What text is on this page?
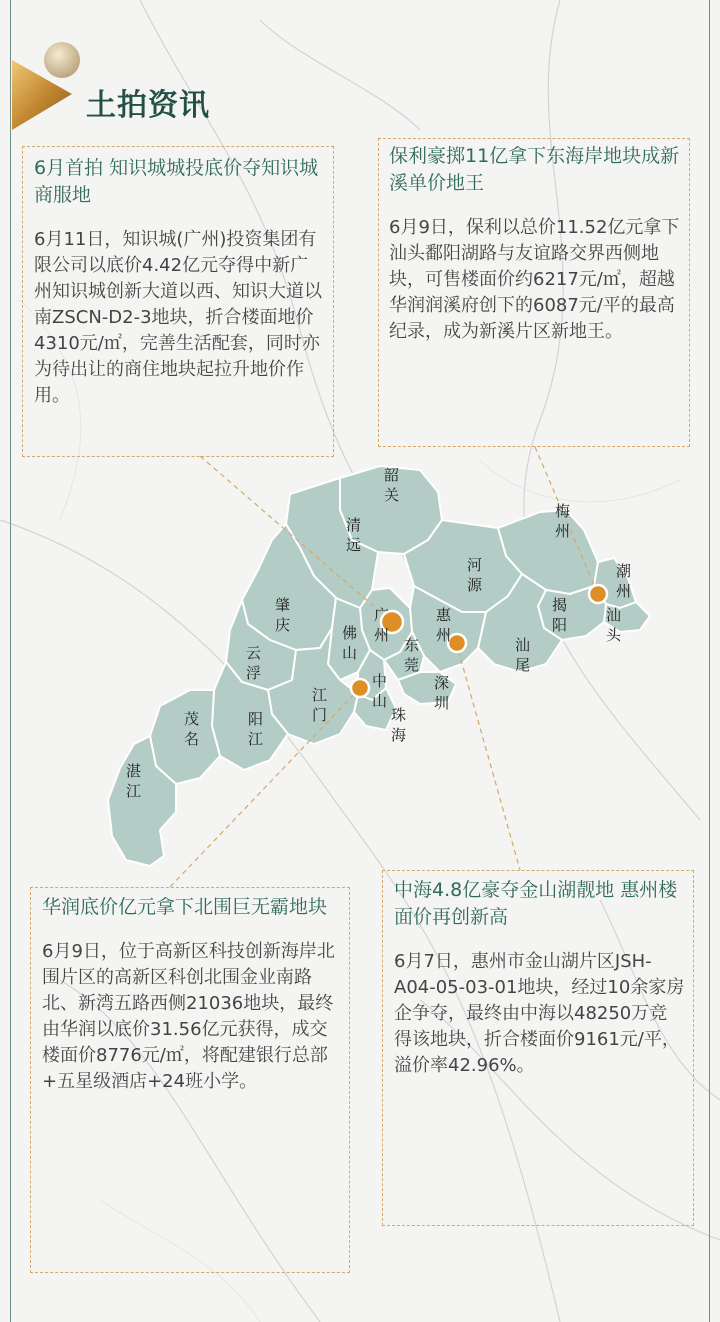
土拍资讯
韶
关
清
远
梅
州
河
源
潮
州
汕
头
揭
阳
肇
庆
广
州
惠
州
云
浮
佛
山	东
莞
汕
尾
中
山
深
圳
茂
名
阳
江
江
门	珠
海
湛
江
6月首拍 知识城城投底价夺知识城商服地
6月11日，知识城(广州)投资集团有限公司以底价4.42亿元夺得中新广州知识城创新大道以西、知识大道以南ZSCN-D2-3地块，折合楼面地价4310元/㎡，完善生活配套，同时亦为待出让的商住地块起拉升地价作用。
保利豪掷11亿拿下东海岸地块成新溪单价地王
6月9日，保利以总价11.52亿元拿下汕头鄱阳湖路与友谊路交界西侧地块，可售楼面价约6217元/㎡，超越华润润溪府创下的6087元/平的最高纪录，成为新溪片区新地王。
华润底价亿元拿下北围巨无霸地块
6月9日，位于高新区科技创新海岸北围片区的高新区科创北围金业南路北、新湾五路西侧21036地块，最终由华润以底价31.56亿元获得，成交楼面价8776元/㎡，将配建银行总部+五星级酒店+24班小学。
中海4.8亿豪夺金山湖靓地 惠州楼面价再创新高
6月7日，惠州市金山湖片区JSH-A04-05-03-01地块，经过10余家房企争夺，最终由中海以48250万竞得该地块，折合楼面价9161元/平，溢价率42.96%。
